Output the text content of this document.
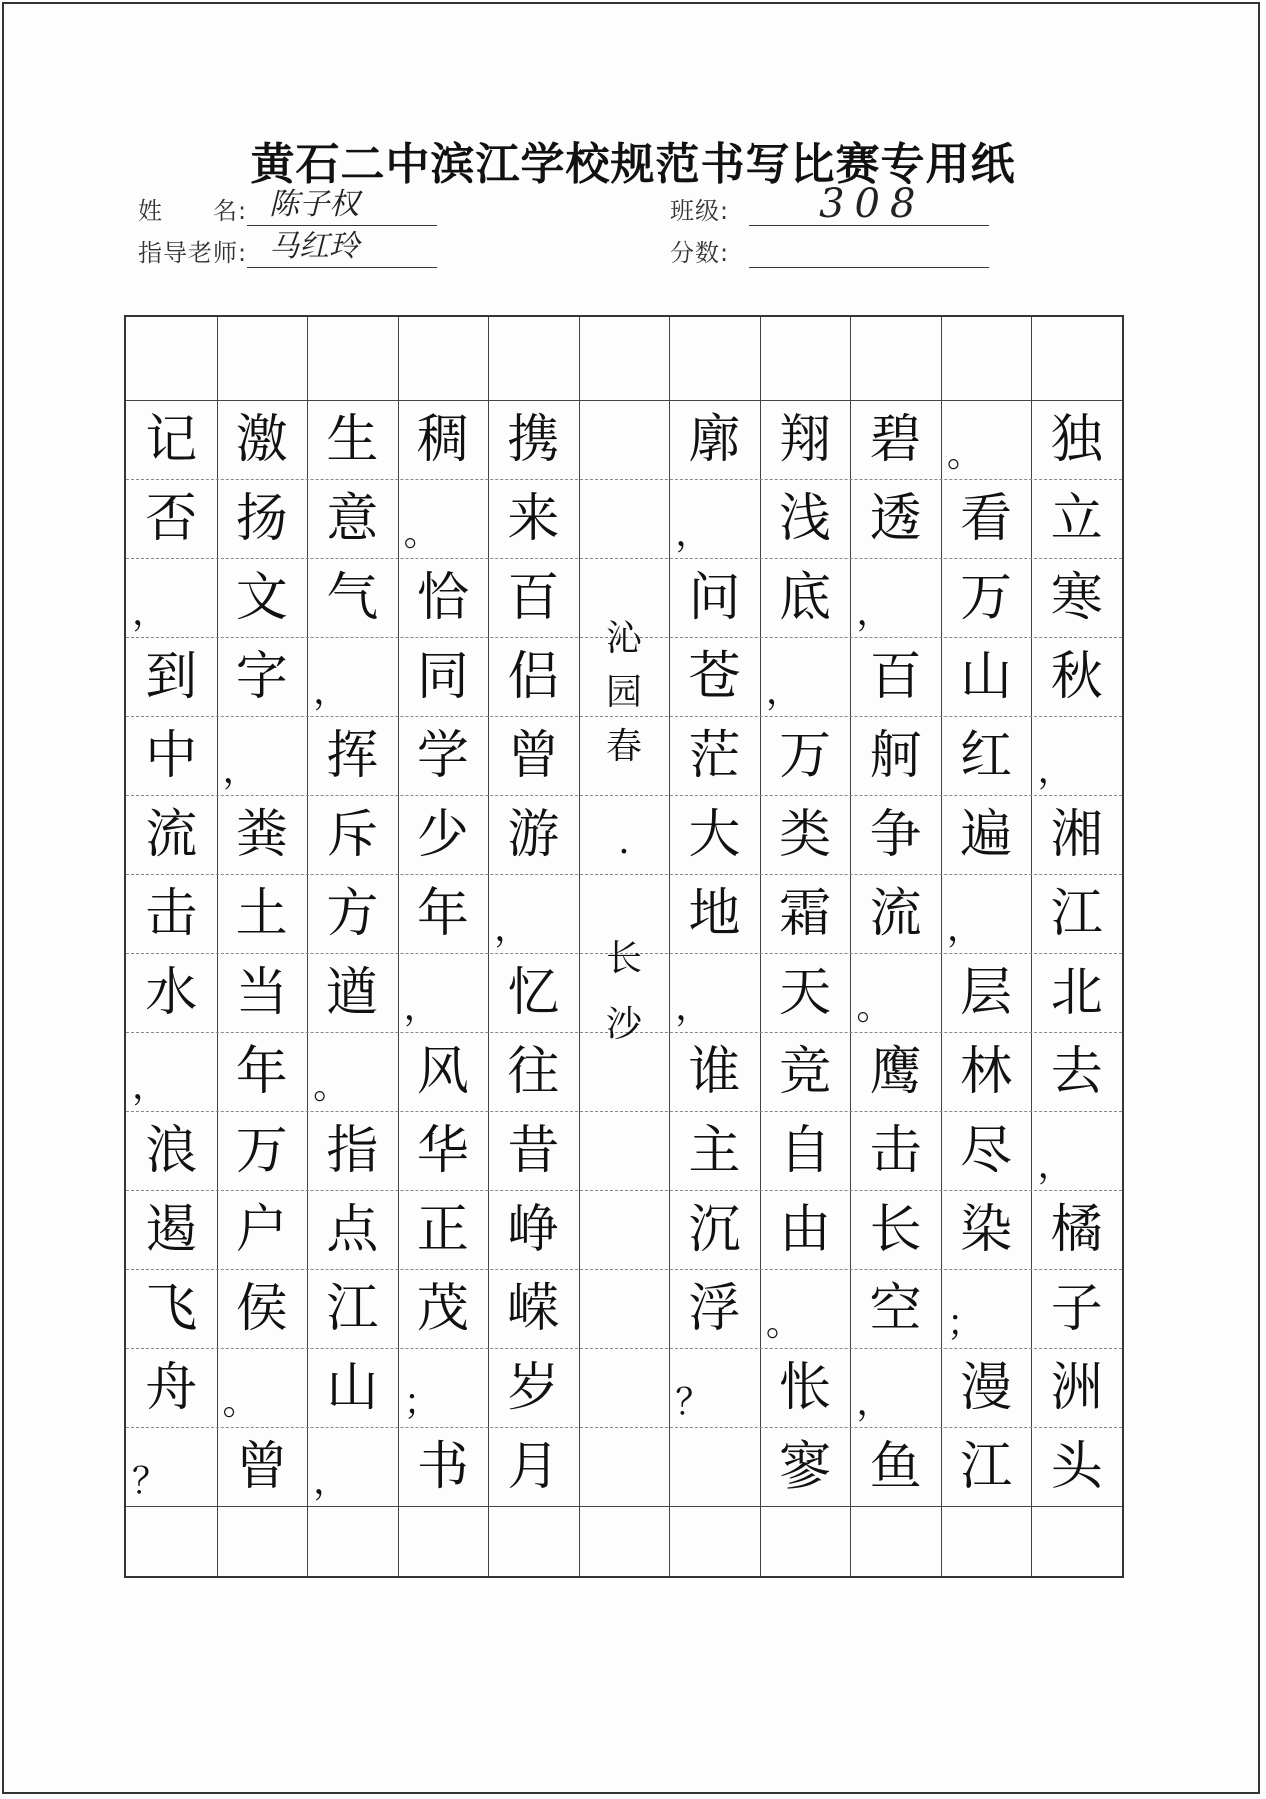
黄石二中滨江学校规范书写比赛专用纸
姓　　名: 陈子权
指导老师: 马红玲
班级: 308
分数:
独
立
寒
秋
，
湘
江
北
去
，
橘
子
洲
头
。
看
万
山
红
遍
，
层
林
尽
染
；
漫
江
碧
透
，
百
舸
争
流
。
鹰
击
长
空
，
鱼
翔
浅
底
，
万
类
霜
天
竞
自
由
。
怅
寥
廓
，
问
苍
茫
大
地
，
谁
主
沉
浮
？
携
来
百
侣
曾
游
，
忆
往
昔
峥
嵘
岁
月
稠
。
恰
同
学
少
年
，
风
华
正
茂
；
书
生
意
气
，
挥
斥
方
遒
。
指
点
江
山
，
激
扬
文
字
，
粪
土
当
年
万
户
侯
。
曾
记
否
，
到
中
流
击
水
，
浪
遏
飞
舟
？
沁
园
春
·
长
沙
